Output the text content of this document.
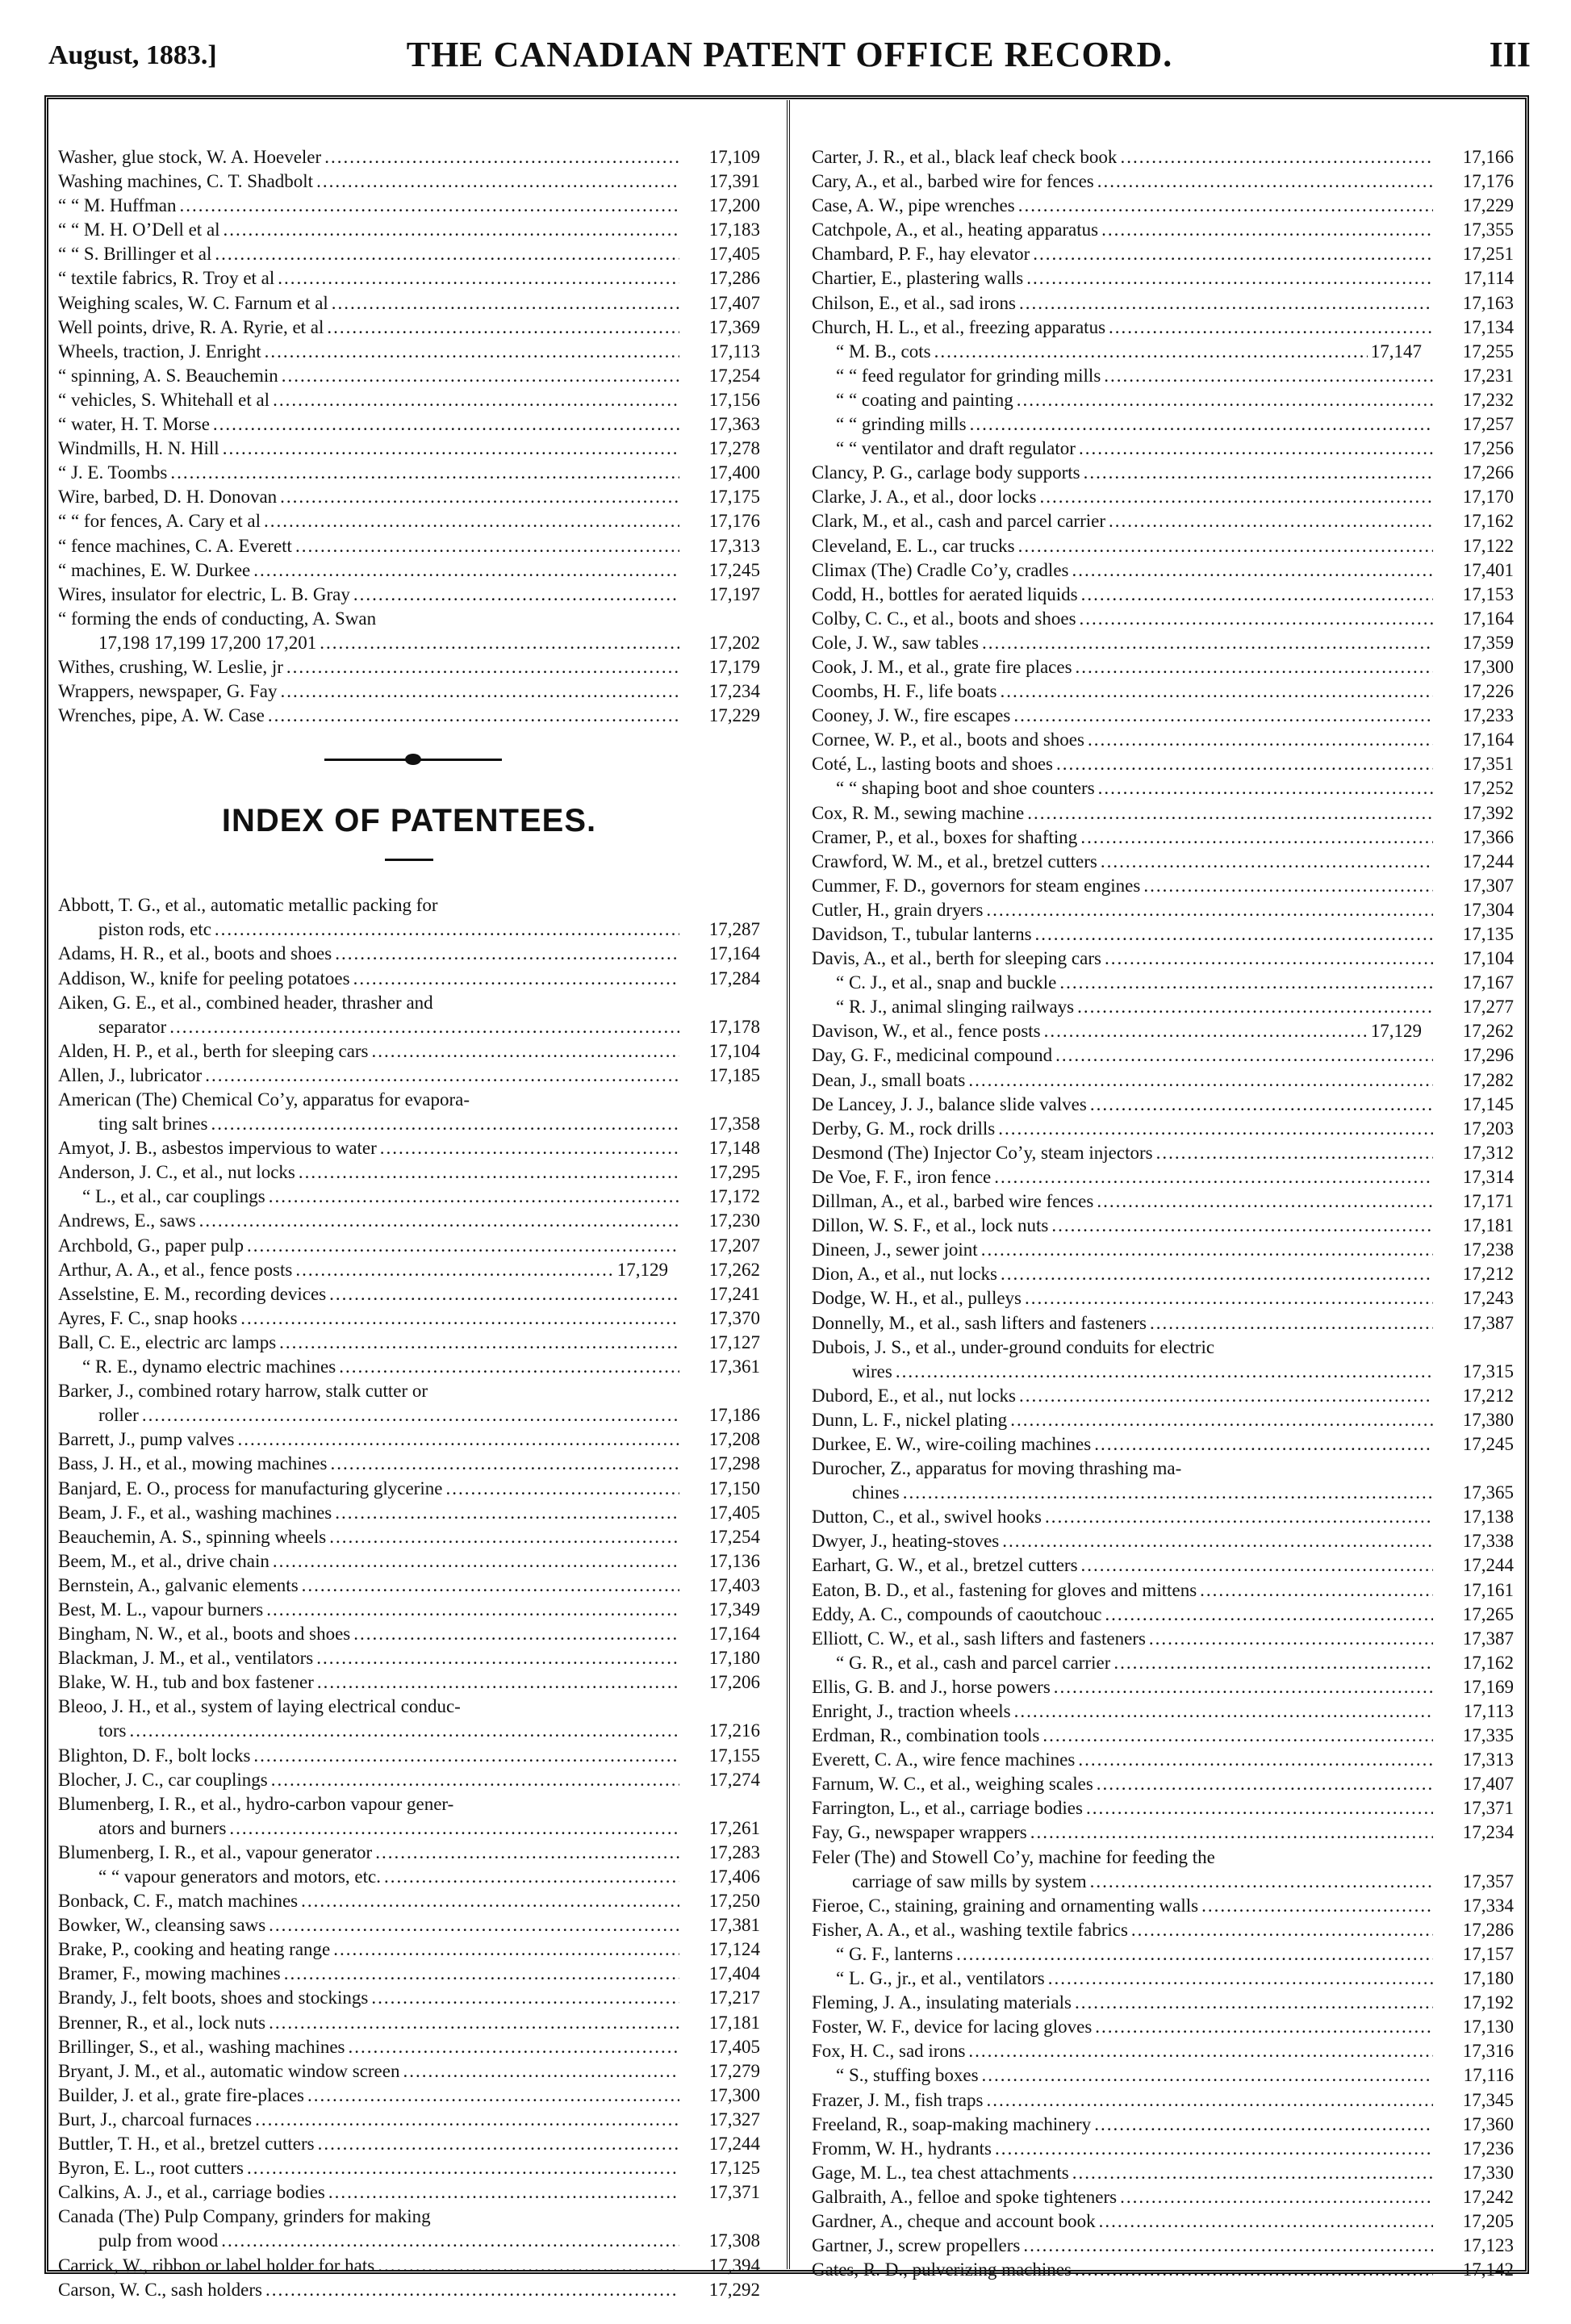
August, 1883.]	THE CANADIAN PATENT OFFICE RECORD.	III
Washer, glue stock, W. A. Hoeveler .....	17,109
Washing machines, C. T. Shadbolt .....	17,391
“ “ M. Huffman .....	17,200
“ “ M. H. O’Dell et al .....	17,183
“ “ S. Brillinger et al .....	17,405
“ textile fabrics, R. Troy et al .....	17,286
Weighing scales, W. C. Farnum et al .....	17,407
Well points, drive, R. A. Ryrie, et al .....	17,369
Wheels, traction, J. Enright .....	17,113
“ spinning, A. S. Beauchemin .....	17,254
“ vehicles, S. Whitehall et al .....	17,156
“ water, H. T. Morse .....	17,363
Windmills, H. N. Hill .....	17,278
“ J. E. Toombs .....	17,400
Wire, barbed, D. H. Donovan .....	17,175
“ “ for fences, A. Cary et al .....	17,176
“ fence machines, C. A. Everett .....	17,313
“ machines, E. W. Durkee .....	17,245
Wires, insulator for electric, L. B. Gray .....	17,197
“ forming the ends of conducting, A. Swan
17,198 17,199 17,200 17,201 .....	17,202
Withes, crushing, W. Leslie, jr .....	17,179
Wrappers, newspaper, G. Fay .....	17,234
Wrenches, pipe, A. W. Case .....	17,229
INDEX OF PATENTEES.
Abbott, T. G., et al., automatic metallic packing for
piston rods, etc .....	17,287
Adams, H. R., et al., boots and shoes .....	17,164
Addison, W., knife for peeling potatoes .....	17,284
Aiken, G. E., et al., combined header, thrasher and
separator .....	17,178
Alden, H. P., et al., berth for sleeping cars .....	17,104
Allen, J., lubricator .....	17,185
American (The) Chemical Co’y, apparatus for evapora-
ting salt brines .....	17,358
Amyot, J. B., asbestos impervious to water .....	17,148
Anderson, J. C., et al., nut locks .....	17,295
“ L., et al., car couplings .....	17,172
Andrews, E., saws .....	17,230
Archbold, G., paper pulp .....	17,207
Arthur, A. A., et al., fence posts .....	17,129	17,262
Asselstine, E. M., recording devices .....	17,241
Ayres, F. C., snap hooks .....	17,370
Ball, C. E., electric arc lamps .....	17,127
“ R. E., dynamo electric machines .....	17,361
Barker, J., combined rotary harrow, stalk cutter or
roller .....	17,186
Barrett, J., pump valves .....	17,208
Bass, J. H., et al., mowing machines .....	17,298
Banjard, E. O., process for manufacturing glycerine .....	17,150
Beam, J. F., et al., washing machines .....	17,405
Beauchemin, A. S., spinning wheels .....	17,254
Beem, M., et al., drive chain .....	17,136
Bernstein, A., galvanic elements .....	17,403
Best, M. L., vapour burners .....	17,349
Bingham, N. W., et al., boots and shoes .....	17,164
Blackman, J. M., et al., ventilators .....	17,180
Blake, W. H., tub and box fastener .....	17,206
Bleoo, J. H., et al., system of laying electrical conduc-
tors .....	17,216
Blighton, D. F., bolt locks .....	17,155
Blocher, J. C., car couplings .....	17,274
Blumenberg, I. R., et al., hydro-carbon vapour gener-
ators and burners .....	17,261
Blumenberg, I. R., et al., vapour generator .....	17,283
“ “ vapour generators and motors, etc. .....	17,406
Bonback, C. F., match machines .....	17,250
Bowker, W., cleansing saws .....	17,381
Brake, P., cooking and heating range .....	17,124
Bramer, F., mowing machines .....	17,404
Brandy, J., felt boots, shoes and stockings .....	17,217
Brenner, R., et al., lock nuts .....	17,181
Brillinger, S., et al., washing machines .....	17,405
Bryant, J. M., et al., automatic window screen .....	17,279
Builder, J. et al., grate fire-places .....	17,300
Burt, J., charcoal furnaces .....	17,327
Buttler, T. H., et al., bretzel cutters .....	17,244
Byron, E. L., root cutters .....	17,125
Calkins, A. J., et al., carriage bodies .....	17,371
Canada (The) Pulp Company, grinders for making
pulp from wood .....	17,308
Carrick, W., ribbon or label holder for hats .....	17,394
Carson, W. C., sash holders .....	17,292
Carter, J. R., et al., black leaf check book .....	17,166
Cary, A., et al., barbed wire for fences .....	17,176
Case, A. W., pipe wrenches .....	17,229
Catchpole, A., et al., heating apparatus .....	17,355
Chambard, P. F., hay elevator .....	17,251
Chartier, E., plastering walls .....	17,114
Chilson, E., et al., sad irons .....	17,163
Church, H. L., et al., freezing apparatus .....	17,134
“ M. B., cots .....	17,147	17,255
“ “ feed regulator for grinding mills .....	17,231
“ “ coating and painting .....	17,232
“ “ grinding mills .....	17,257
“ “ ventilator and draft regulator .....	17,256
Clancy, P. G., carlage body supports .....	17,266
Clarke, J. A., et al., door locks .....	17,170
Clark, M., et al., cash and parcel carrier .....	17,162
Cleveland, E. L., car trucks .....	17,122
Climax (The) Cradle Co’y, cradles .....	17,401
Codd, H., bottles for aerated liquids .....	17,153
Colby, C. C., et al., boots and shoes .....	17,164
Cole, J. W., saw tables .....	17,359
Cook, J. M., et al., grate fire places .....	17,300
Coombs, H. F., life boats .....	17,226
Cooney, J. W., fire escapes .....	17,233
Cornee, W. P., et al., boots and shoes .....	17,164
Coté, L., lasting boots and shoes .....	17,351
“ “ shaping boot and shoe counters .....	17,252
Cox, R. M., sewing machine .....	17,392
Cramer, P., et al., boxes for shafting .....	17,366
Crawford, W. M., et al., bretzel cutters .....	17,244
Cummer, F. D., governors for steam engines .....	17,307
Cutler, H., grain dryers .....	17,304
Davidson, T., tubular lanterns .....	17,135
Davis, A., et al., berth for sleeping cars .....	17,104
“ C. J., et al., snap and buckle .....	17,167
“ R. J., animal slinging railways .....	17,277
Davison, W., et al., fence posts .....	17,129	17,262
Day, G. F., medicinal compound .....	17,296
Dean, J., small boats .....	17,282
De Lancey, J. J., balance slide valves .....	17,145
Derby, G. M., rock drills .....	17,203
Desmond (The) Injector Co’y, steam injectors .....	17,312
De Voe, F. F., iron fence .....	17,314
Dillman, A., et al., barbed wire fences .....	17,171
Dillon, W. S. F., et al., lock nuts .....	17,181
Dineen, J., sewer joint .....	17,238
Dion, A., et al., nut locks .....	17,212
Dodge, W. H., et al., pulleys .....	17,243
Donnelly, M., et al., sash lifters and fasteners .....	17,387
Dubois, J. S., et al., under-ground conduits for electric
wires .....	17,315
Dubord, E., et al., nut locks .....	17,212
Dunn, L. F., nickel plating .....	17,380
Durkee, E. W., wire-coiling machines .....	17,245
Durocher, Z., apparatus for moving thrashing ma-
chines .....	17,365
Dutton, C., et al., swivel hooks .....	17,138
Dwyer, J., heating-stoves .....	17,338
Earhart, G. W., et al., bretzel cutters .....	17,244
Eaton, B. D., et al., fastening for gloves and mittens .....	17,161
Eddy, A. C., compounds of caoutchouc .....	17,265
Elliott, C. W., et al., sash lifters and fasteners .....	17,387
“ G. R., et al., cash and parcel carrier .....	17,162
Ellis, G. B. and J., horse powers .....	17,169
Enright, J., traction wheels .....	17,113
Erdman, R., combination tools .....	17,335
Everett, C. A., wire fence machines .....	17,313
Farnum, W. C., et al., weighing scales .....	17,407
Farrington, L., et al., carriage bodies .....	17,371
Fay, G., newspaper wrappers .....	17,234
Feler (The) and Stowell Co’y, machine for feeding the
carriage of saw mills by system .....	17,357
Fieroe, C., staining, graining and ornamenting walls .....	17,334
Fisher, A. A., et al., washing textile fabrics .....	17,286
“ G. F., lanterns .....	17,157
“ L. G., jr., et al., ventilators .....	17,180
Fleming, J. A., insulating materials .....	17,192
Foster, W. F., device for lacing gloves .....	17,130
Fox, H. C., sad irons .....	17,316
“ S., stuffing boxes .....	17,116
Frazer, J. M., fish traps .....	17,345
Freeland, R., soap-making machinery .....	17,360
Fromm, W. H., hydrants .....	17,236
Gage, M. L., tea chest attachments .....	17,330
Galbraith, A., felloe and spoke tighteners .....	17,242
Gardner, A., cheque and account book .....	17,205
Gartner, J., screw propellers .....	17,123
Gates, R. D., pulverizing machines .....	17,142
